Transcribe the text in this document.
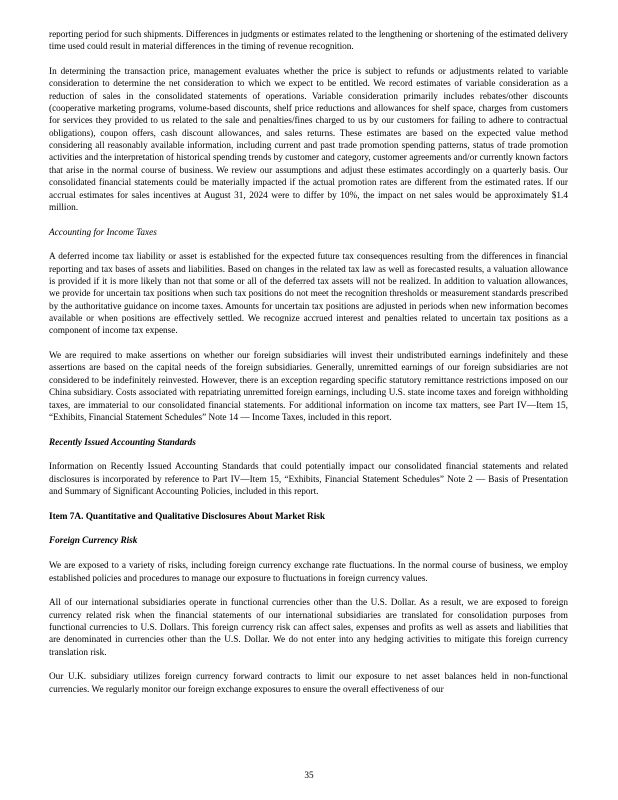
reporting period for such shipments. Differences in judgments or estimates related to the lengthening or shortening of the estimated delivery time used could result in material differences in the timing of revenue recognition.

In determining the transaction price, management evaluates whether the price is subject to refunds or adjustments related to variable consideration to determine the net consideration to which we expect to be entitled. We record estimates of variable consideration as a reduction of sales in the consolidated statements of operations. Variable consideration primarily includes rebates/other discounts (cooperative marketing programs, volume-based discounts, shelf price reductions and allowances for shelf space, charges from customers for services they provided to us related to the sale and penalties/fines charged to us by our customers for failing to adhere to contractual obligations), coupon offers, cash discount allowances, and sales returns. These estimates are based on the expected value method considering all reasonably available information, including current and past trade promotion spending patterns, status of trade promotion activities and the interpretation of historical spending trends by customer and category, customer agreements and/or currently known factors that arise in the normal course of business. We review our assumptions and adjust these estimates accordingly on a quarterly basis. Our consolidated financial statements could be materially impacted if the actual promotion rates are different from the estimated rates. If our accrual estimates for sales incentives at August 31, 2024 were to differ by 10%, the impact on net sales would be approximately $1.4 million.

Accounting for Income Taxes

A deferred income tax liability or asset is established for the expected future tax consequences resulting from the differences in financial reporting and tax bases of assets and liabilities. Based on changes in the related tax law as well as forecasted results, a valuation allowance is provided if it is more likely than not that some or all of the deferred tax assets will not be realized. In addition to valuation allowances, we provide for uncertain tax positions when such tax positions do not meet the recognition thresholds or measurement standards prescribed by the authoritative guidance on income taxes. Amounts for uncertain tax positions are adjusted in periods when new information becomes available or when positions are effectively settled. We recognize accrued interest and penalties related to uncertain tax positions as a component of income tax expense.

We are required to make assertions on whether our foreign subsidiaries will invest their undistributed earnings indefinitely and these assertions are based on the capital needs of the foreign subsidiaries. Generally, unremitted earnings of our foreign subsidiaries are not considered to be indefinitely reinvested. However, there is an exception regarding specific statutory remittance restrictions imposed on our China subsidiary. Costs associated with repatriating unremitted foreign earnings, including U.S. state income taxes and foreign withholding taxes, are immaterial to our consolidated financial statements. For additional information on income tax matters, see Part IV—Item 15, “Exhibits, Financial Statement Schedules” Note 14 — Income Taxes, included in this report.

Recently Issued Accounting Standards

Information on Recently Issued Accounting Standards that could potentially impact our consolidated financial statements and related disclosures is incorporated by reference to Part IV—Item 15, “Exhibits, Financial Statement Schedules” Note 2 — Basis of Presentation and Summary of Significant Accounting Policies, included in this report.

Item 7A. Quantitative and Qualitative Disclosures About Market Risk
Foreign Currency Risk

We are exposed to a variety of risks, including foreign currency exchange rate fluctuations. In the normal course of business, we employ established policies and procedures to manage our exposure to fluctuations in foreign currency values.

All of our international subsidiaries operate in functional currencies other than the U.S. Dollar. As a result, we are exposed to foreign currency related risk when the financial statements of our international subsidiaries are translated for consolidation purposes from functional currencies to U.S. Dollars. This foreign currency risk can affect sales, expenses and profits as well as assets and liabilities that are denominated in currencies other than the U.S. Dollar. We do not enter into any hedging activities to mitigate this foreign currency translation risk.

Our U.K. subsidiary utilizes foreign currency forward contracts to limit our exposure to net asset balances held in non-functional currencies. We regularly monitor our foreign exchange exposures to ensure the overall effectiveness of our

35
